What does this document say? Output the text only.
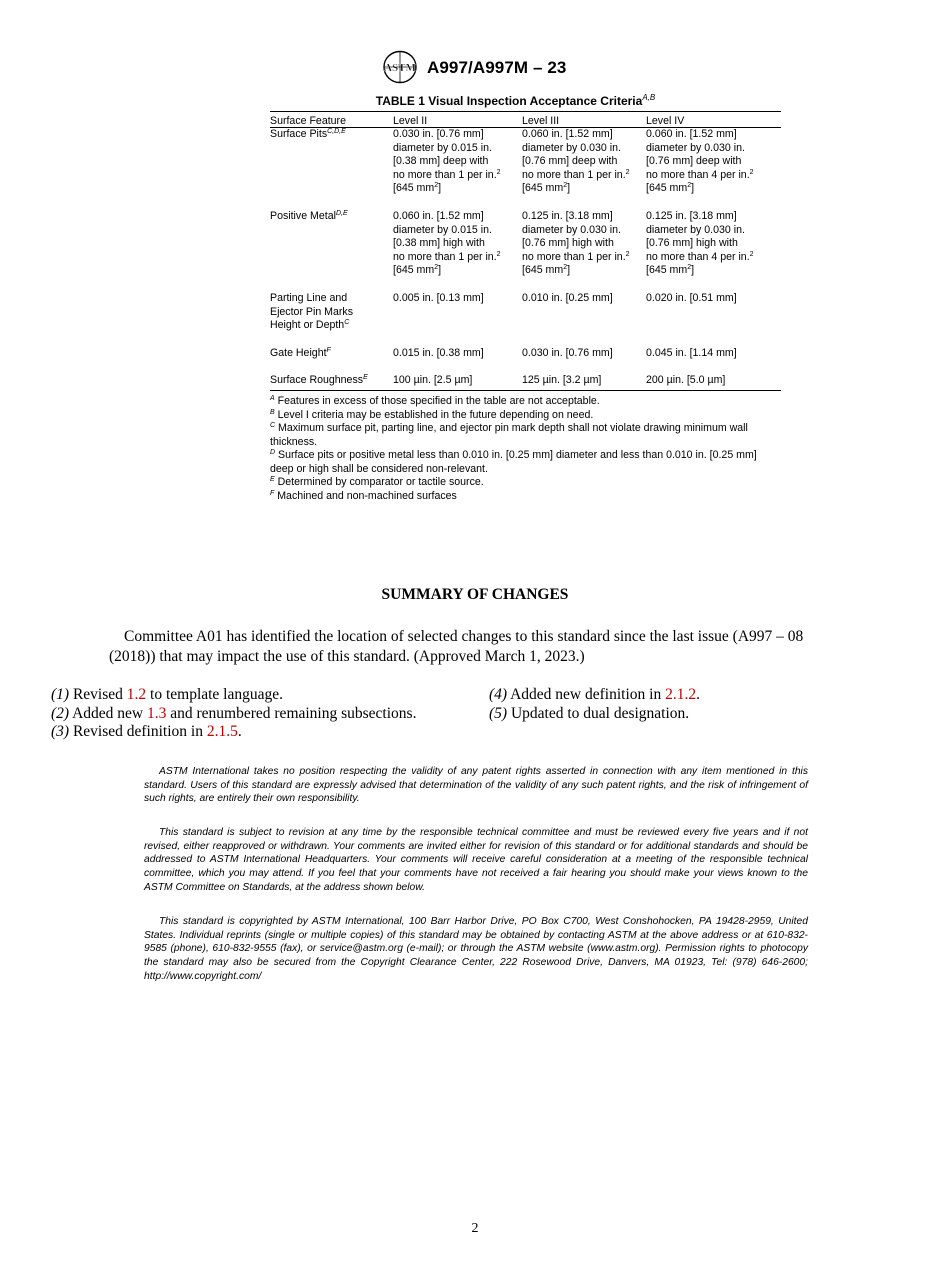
ASTM A997/A997M – 23
TABLE 1 Visual Inspection Acceptance Criteria$^{A,B}$
Surface Feature	Level II	Level III	Level IV
Surface Pits$^{C,D,E}$	0.030 in. [0.76 mm]
diameter by 0.015 in.
[0.38 mm] deep with
no more than 1 per in.$^2$
[645 $mm^2$]	0.060 in. [1.52 mm]
diameter by 0.030 in.
[0.76 mm] deep with
no more than 1 per in.$^2$
[645 $mm^2$]	0.060 in. [1.52 mm]
diameter by 0.030 in.
[0.76 mm] deep with
no more than 4 per in.$^2$
[645 $mm^2$]

Positive Metal$^{D,E}$	0.060 in. [1.52 mm]
diameter by 0.015 in.
[0.38 mm] high with
no more than 1 per in.$^2$
[645 $mm^2$]	0.125 in. [3.18 mm]
diameter by 0.030 in.
[0.76 mm] high with
no more than 1 per in.$^2$
[645 $mm^2$]	0.125 in. [3.18 mm]
diameter by 0.030 in.
[0.76 mm] high with
no more than 4 per in.$^2$
[645 $mm^2$]

Parting Line and
Ejector Pin Marks
Height or Depth$^C$	0.005 in. [0.13 mm]	0.010 in. [0.25 mm]	0.020 in. [0.51 mm]
Gate Height$^F$	0.015 in. [0.38 mm]	0.030 in. [0.76 mm]	0.045 in. [1.14 mm]
Surface Roughness$^E$	100 µin. [2.5 µm]	125 µin. [3.2 µm]	200 µin. [5.0 µm]

$^A$ Features in excess of those specified in the table are not acceptable.

$^B$ Level I criteria may be established in the future depending on need.

$^C$ Maximum surface pit, parting line, and ejector pin mark depth shall not violate drawing minimum wall thickness.

$^D$ Surface pits or positive metal less than 0.010 in. [0.25 mm] diameter and less than 0.010 in. [0.25 mm] deep or high shall be considered non-relevant.

$^E$ Determined by comparator or tactile source.

$^F$ Machined and non-machined surfaces

SUMMARY OF CHANGES
Committee A01 has identified the location of selected changes to this standard since the last issue (A997 – 08 (2018)) that may impact the use of this standard. (Approved March 1, 2023.)
(1) Revised 1.2 to template language.
(2) Added new 1.3 and renumbered remaining subsections.
(3) Revised definition in 2.1.5.
(4) Added new definition in 2.1.2.
(5) Updated to dual designation.
ASTM International takes no position respecting the validity of any patent rights asserted in connection with any item mentioned in this standard. Users of this standard are expressly advised that determination of the validity of any such patent rights, and the risk of infringement of such rights, are entirely their own responsibility.
This standard is subject to revision at any time by the responsible technical committee and must be reviewed every five years and if not revised, either reapproved or withdrawn. Your comments are invited either for revision of this standard or for additional standards and should be addressed to ASTM International Headquarters. Your comments will receive careful consideration at a meeting of the responsible technical committee, which you may attend. If you feel that your comments have not received a fair hearing you should make your views known to the ASTM Committee on Standards, at the address shown below.
This standard is copyrighted by ASTM International, 100 Barr Harbor Drive, PO Box C700, West Conshohocken, PA 19428-2959, United States. Individual reprints (single or multiple copies) of this standard may be obtained by contacting ASTM at the above address or at 610-832-9585 (phone), 610-832-9555 (fax), or service@astm.org (e-mail); or through the ASTM website (www.astm.org). Permission rights to photocopy the standard may also be secured from the Copyright Clearance Center, 222 Rosewood Drive, Danvers, MA 01923, Tel: (978) 646-2600; http://www.copyright.com/
2
